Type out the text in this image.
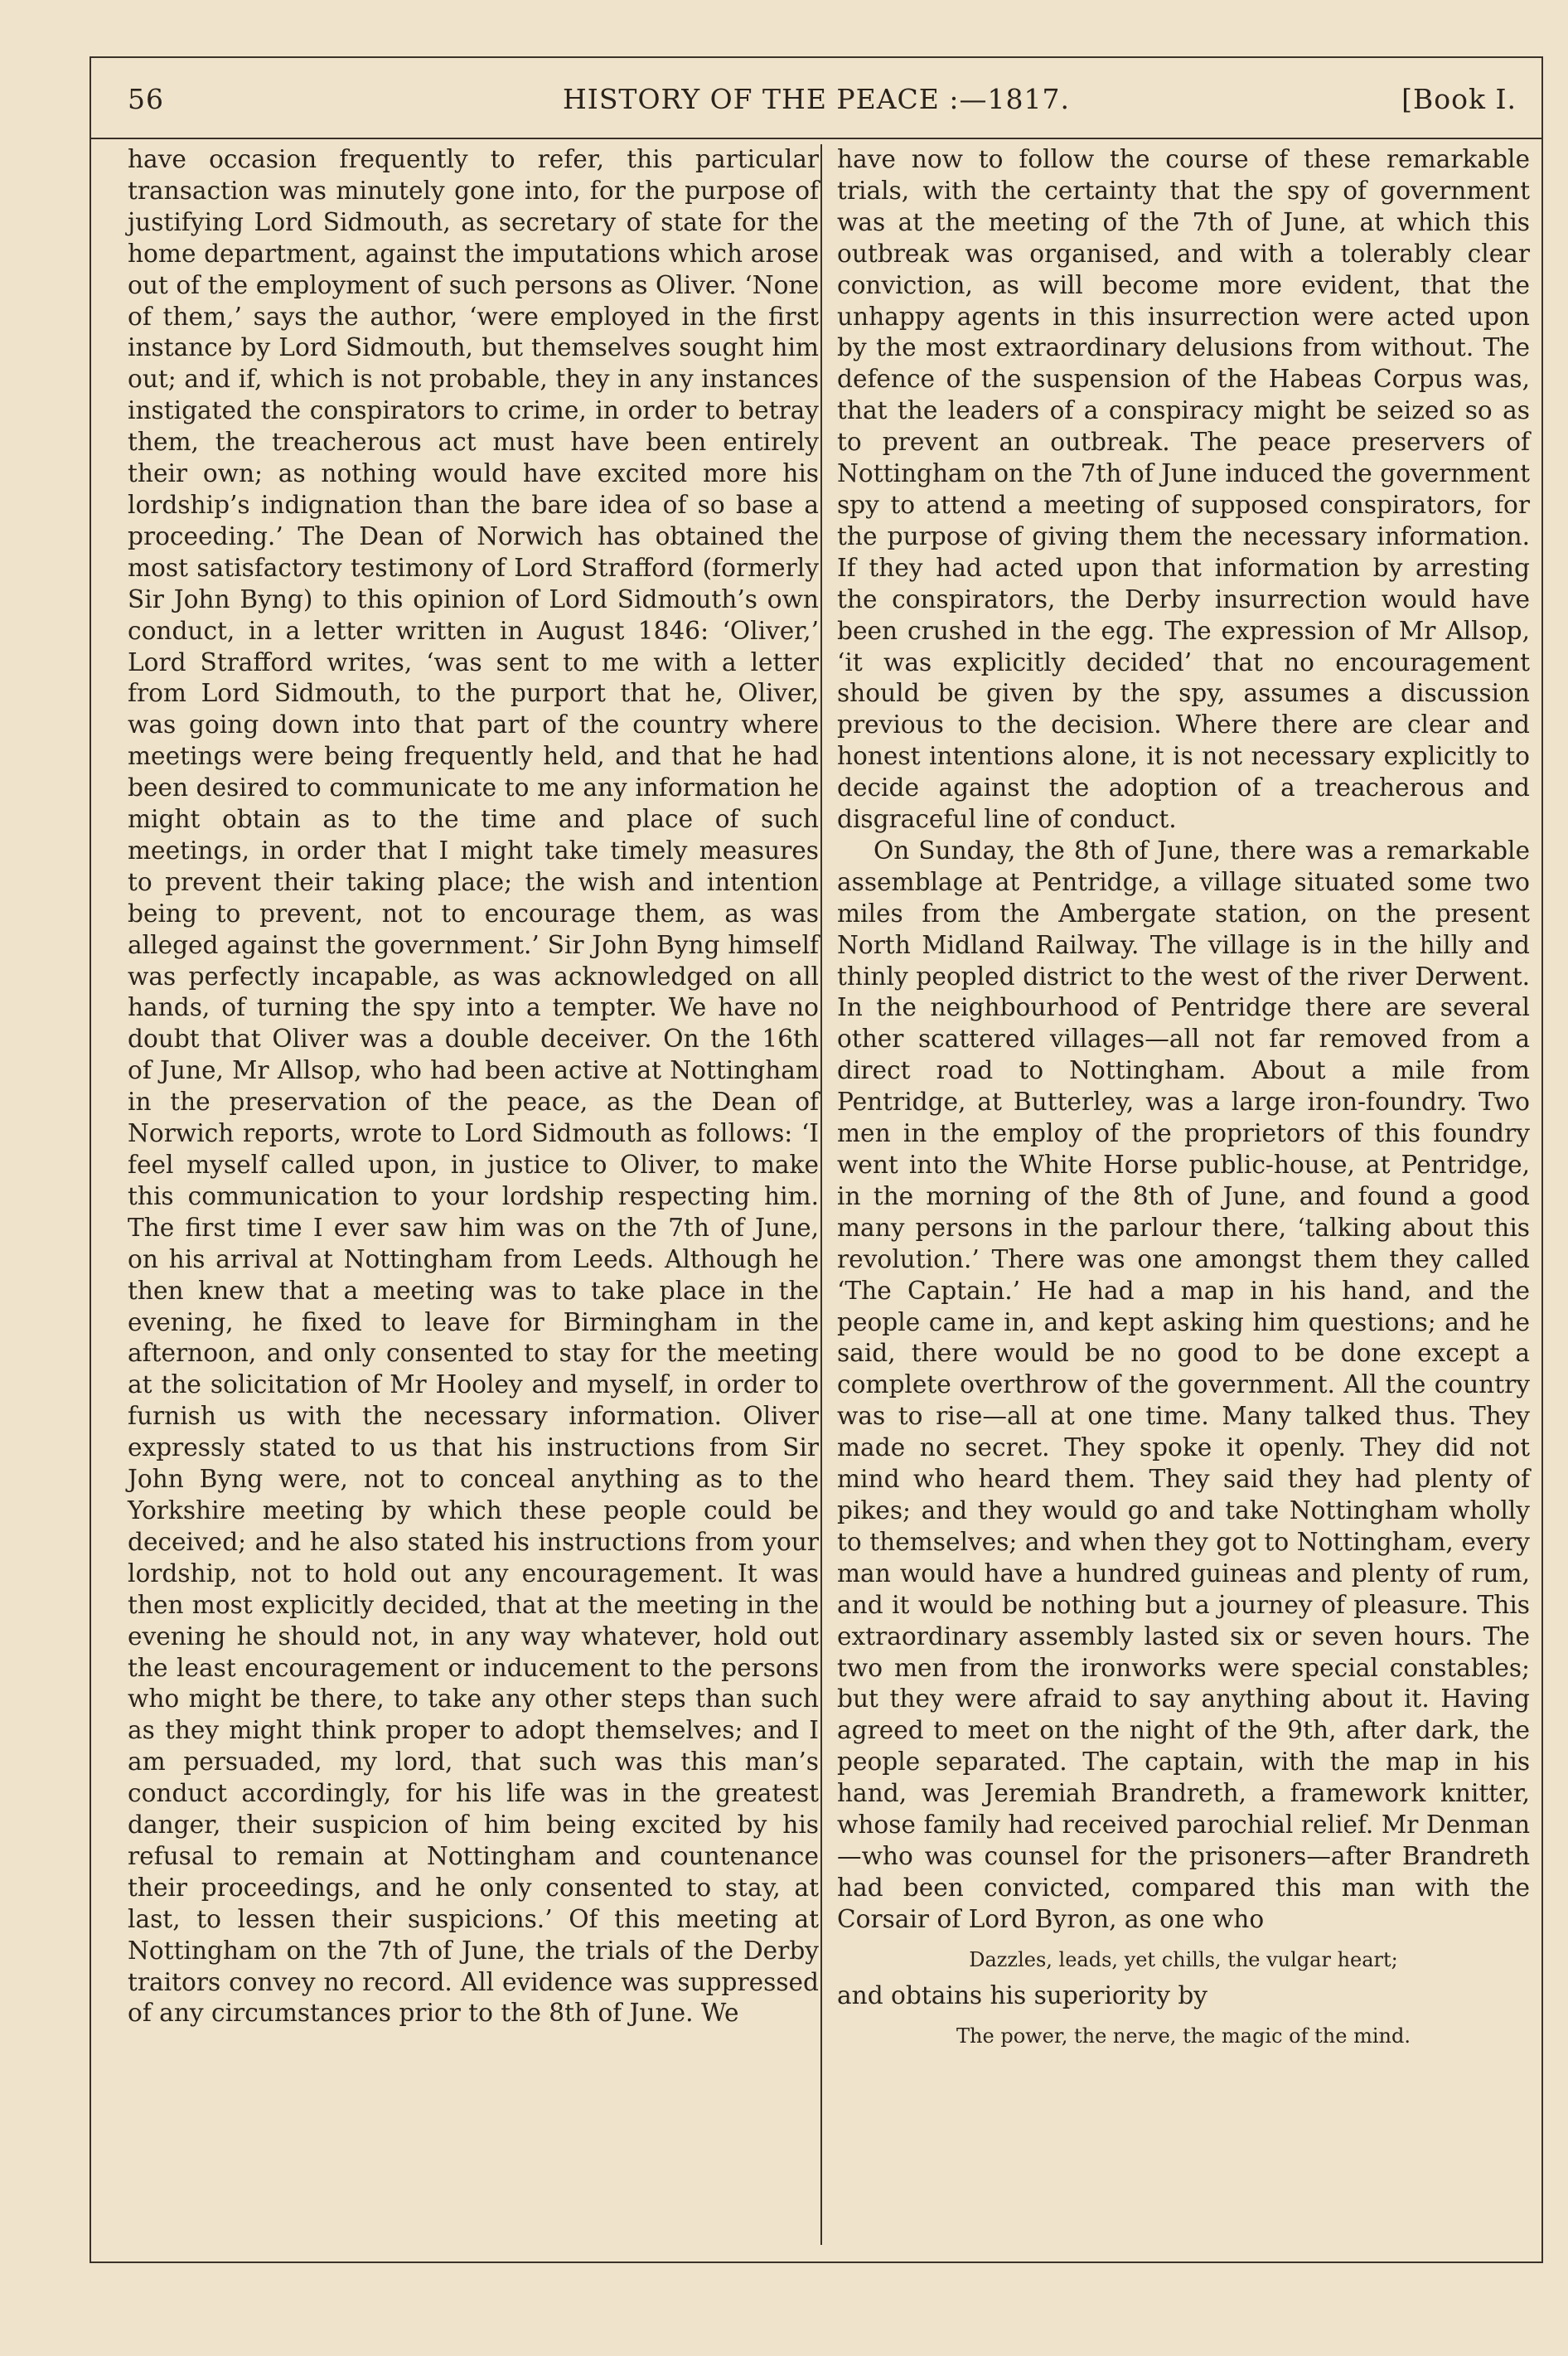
56	HISTORY OF THE PEACE :—1817.	[Book I.

have occasion frequently to refer, this particular transaction was minutely gone into, for the purpose of justifying Lord Sidmouth, as secretary of state for the home department, against the imputations which arose out of the employment of such persons as Oliver. ‘None of them,’ says the author, ‘were employed in the first instance by Lord Sidmouth, but themselves sought him out; and if, which is not probable, they in any instances instigated the conspirators to crime, in order to betray them, the treacherous act must have been entirely their own; as nothing would have excited more his lordship’s indignation than the bare idea of so base a proceeding.’ The Dean of Norwich has obtained the most satisfactory testimony of Lord Strafford (formerly Sir John Byng) to this opinion of Lord Sidmouth’s own conduct, in a letter written in August 1846: ‘Oliver,’ Lord Strafford writes, ‘was sent to me with a letter from Lord Sidmouth, to the purport that he, Oliver, was going down into that part of the country where meetings were being frequently held, and that he had been desired to communicate to me any information he might obtain as to the time and place of such meetings, in order that I might take timely measures to prevent their taking place; the wish and intention being to prevent, not to encourage them, as was alleged against the government.’ Sir John Byng himself was perfectly incapable, as was acknowledged on all hands, of turning the spy into a tempter. We have no doubt that Oliver was a double deceiver. On the 16th of June, Mr Allsop, who had been active at Nottingham in the preservation of the peace, as the Dean of Norwich reports, wrote to Lord Sidmouth as follows: ‘I feel myself called upon, in justice to Oliver, to make this communication to your lordship respecting him. The first time I ever saw him was on the 7th of June, on his arrival at Nottingham from Leeds. Although he then knew that a meeting was to take place in the evening, he fixed to leave for Birmingham in the afternoon, and only consented to stay for the meeting at the solicitation of Mr Hooley and myself, in order to furnish us with the necessary information. Oliver expressly stated to us that his instructions from Sir John Byng were, not to conceal anything as to the Yorkshire meeting by which these people could be deceived; and he also stated his instructions from your lordship, not to hold out any encouragement. It was then most explicitly decided, that at the meeting in the evening he should not, in any way whatever, hold out the least encouragement or inducement to the persons who might be there, to take any other steps than such as they might think proper to adopt themselves; and I am persuaded, my lord, that such was this man’s conduct accordingly, for his life was in the greatest danger, their suspicion of him being excited by his refusal to remain at Nottingham and countenance their proceedings, and he only consented to stay, at last, to lessen their suspicions.’ Of this meeting at Nottingham on the 7th of June, the trials of the Derby traitors convey no record. All evidence was suppressed of any circumstances prior to the 8th of June. We

have now to follow the course of these remarkable trials, with the certainty that the spy of government was at the meeting of the 7th of June, at which this outbreak was organised, and with a tolerably clear conviction, as will become more evident, that the unhappy agents in this insurrection were acted upon by the most extraordinary delusions from without. The defence of the suspension of the Habeas Corpus was, that the leaders of a conspiracy might be seized so as to prevent an outbreak. The peace preservers of Nottingham on the 7th of June induced the government spy to attend a meeting of supposed conspirators, for the purpose of giving them the necessary information. If they had acted upon that information by arresting the conspirators, the Derby insurrection would have been crushed in the egg. The expression of Mr Allsop, ‘it was explicitly decided’ that no encouragement should be given by the spy, assumes a discussion previous to the decision. Where there are clear and honest intentions alone, it is not necessary explicitly to decide against the adoption of a treacherous and disgraceful line of conduct.

On Sunday, the 8th of June, there was a remarkable assemblage at Pentridge, a village situated some two miles from the Ambergate station, on the present North Midland Railway. The village is in the hilly and thinly peopled district to the west of the river Derwent. In the neighbourhood of Pentridge there are several other scattered villages—all not far removed from a direct road to Nottingham. About a mile from Pentridge, at Butterley, was a large iron-foundry. Two men in the employ of the proprietors of this foundry went into the White Horse public-house, at Pentridge, in the morning of the 8th of June, and found a good many persons in the parlour there, ‘talking about this revolution.’ There was one amongst them they called ‘The Captain.’ He had a map in his hand, and the people came in, and kept asking him questions; and he said, there would be no good to be done except a complete overthrow of the government. All the country was to rise—all at one time. Many talked thus. They made no secret. They spoke it openly. They did not mind who heard them. They said they had plenty of pikes; and they would go and take Nottingham wholly to themselves; and when they got to Nottingham, every man would have a hundred guineas and plenty of rum, and it would be nothing but a journey of pleasure. This extraordinary assembly lasted six or seven hours. The two men from the ironworks were special constables; but they were afraid to say anything about it. Having agreed to meet on the night of the 9th, after dark, the people separated. The captain, with the map in his hand, was Jeremiah Brandreth, a framework knitter, whose family had received parochial relief. Mr Denman—who was counsel for the prisoners—after Brandreth had been convicted, compared this man with the Corsair of Lord Byron, as one who

Dazzles, leads, yet chills, the vulgar heart;

and obtains his superiority by

The power, the nerve, the magic of the mind.
